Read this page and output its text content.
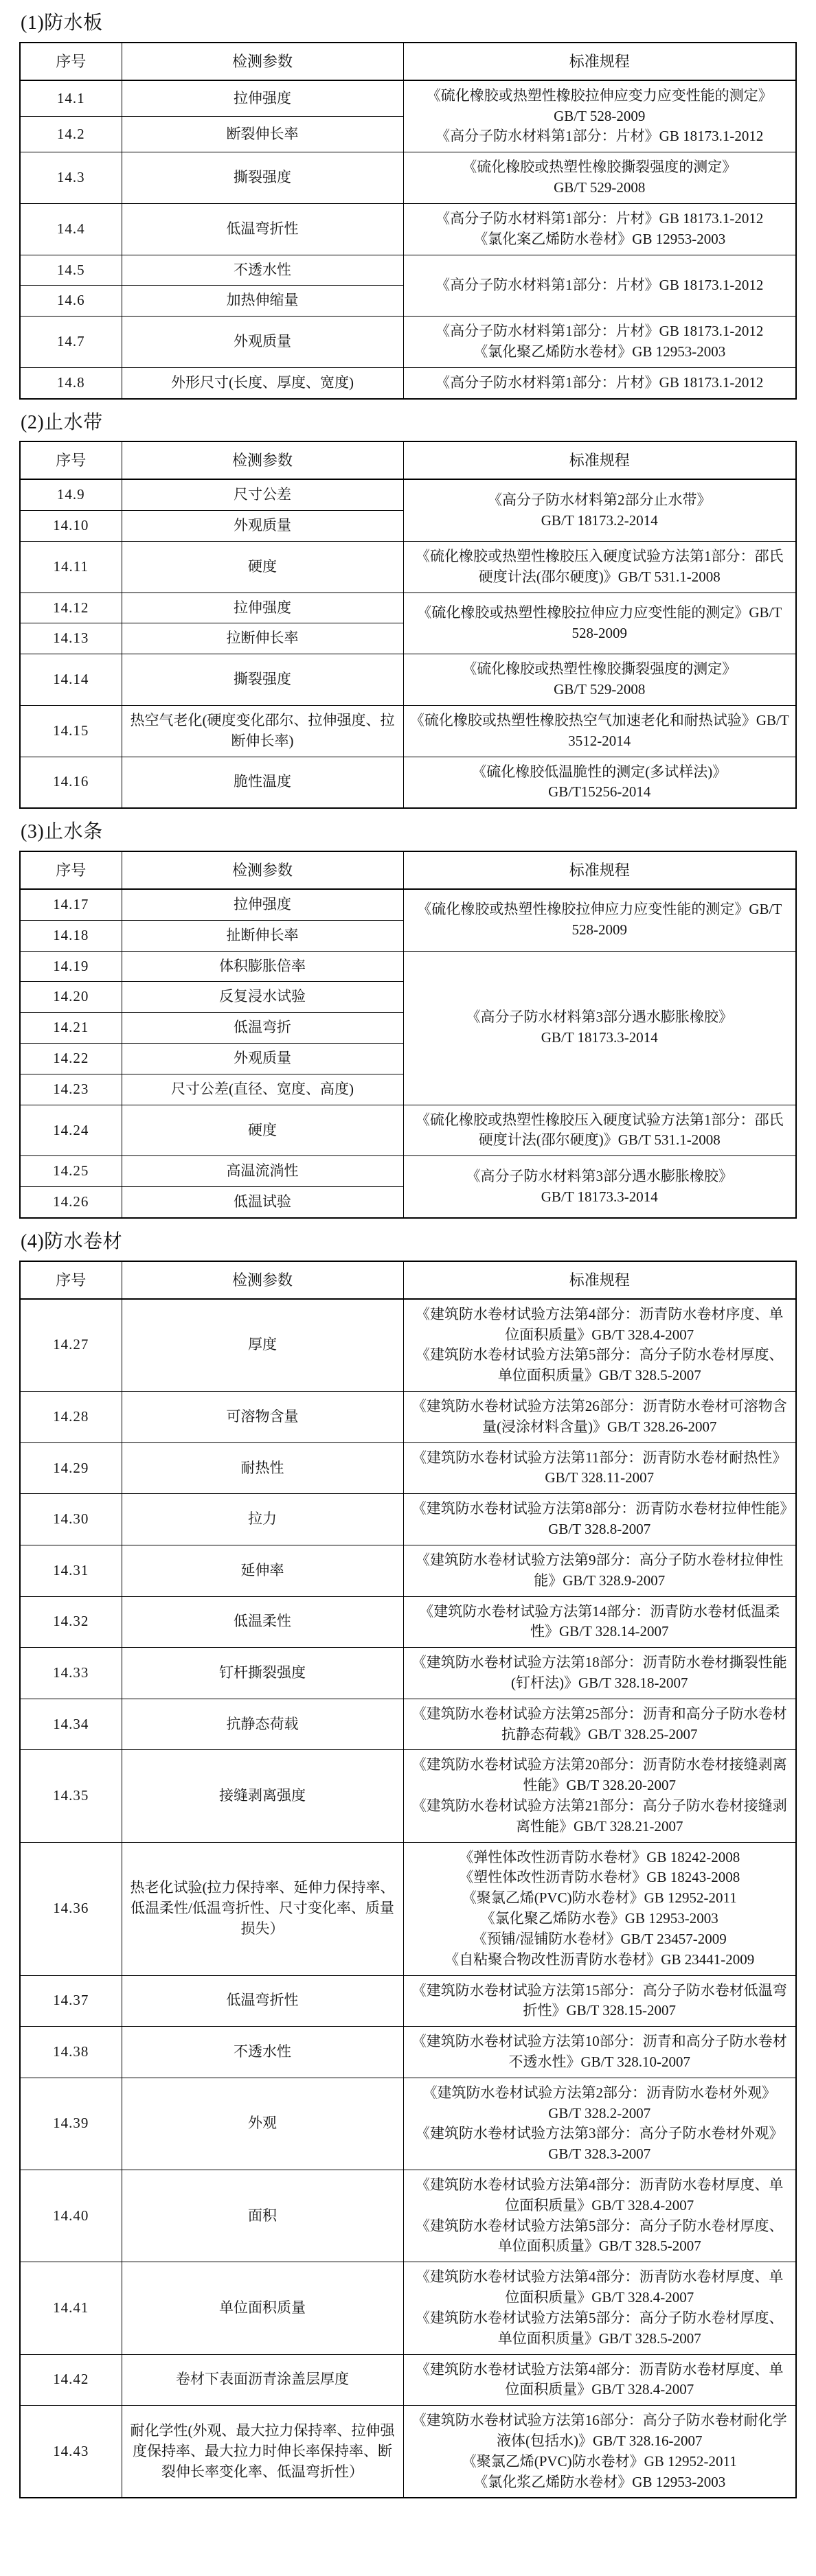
(1)防水板
序号	检测参数	标准规程
14.1	拉伸强度	《硫化橡胶或热塑性橡胶拉伸应变力应变性能的测定》
GB/T 528-2009
《高分子防水材料第1部分：片材》GB 18173.1-2012

14.2	断裂伸长率	
14.3	撕裂强度	《硫化橡胶或热塑性橡胶撕裂强度的测定》
GB/T 529-2008

14.4	低温弯折性	《高分子防水材料第1部分：片材》GB 18173.1-2012
《氯化案乙烯防水卷材》GB 12953-2003

14.5	不透水性	《高分子防水材料第1部分：片材》GB 18173.1-2012

14.6	加热伸缩量	
14.7	外观质量	《高分子防水材料第1部分：片材》GB 18173.1-2012
《氯化聚乙烯防水卷材》GB 12953-2003

14.8	外形尺寸(长度、厚度、宽度)	《高分子防水材料第1部分：片材》GB 18173.1-2012
(2)止水带
序号	检测参数	标准规程
14.9	尺寸公差	《高分子防水材料第2部分止水带》
GB/T 18173.2-2014

14.10	外观质量	
14.11	硬度	《硫化橡胶或热塑性橡胶压入硬度试验方法第1部分：邵氏硬度计法(邵尔硬度)》GB/T 531.1-2008

14.12	拉伸强度	《硫化橡胶或热塑性橡胶拉伸应力应变性能的测定》GB/T 528-2009

14.13	拉断伸长率	
14.14	撕裂强度	《硫化橡胶或热塑性橡胶撕裂强度的测定》
GB/T 529-2008

14.15	热空气老化(硬度变化邵尔、拉伸强度、拉断伸长率)	《硫化橡胶或热塑性橡胶热空气加速老化和耐热试验》GB/T 3512-2014

14.16	脆性温度	《硫化橡胶低温脆性的测定(多试样法)》
GB/T15256-2014
(3)止水条
序号	检测参数	标准规程
14.17	拉伸强度	《硫化橡胶或热塑性橡胶拉伸应力应变性能的测定》GB/T 528-2009

14.18	扯断伸长率	
14.19	体积膨胀倍率	《高分子防水材料第3部分遇水膨胀橡胶》
GB/T 18173.3-2014

14.20	反复浸水试验	
14.21	低温弯折	
14.22	外观质量	
14.23	尺寸公差(直径、宽度、高度)	
14.24	硬度	《硫化橡胶或热塑性橡胶压入硬度试验方法第1部分：邵氏硬度计法(邵尔硬度)》GB/T 531.1-2008

14.25	高温流淌性	《高分子防水材料第3部分遇水膨胀橡胶》
GB/T 18173.3-2014

14.26	低温试验	
(4)防水卷材
序号	检测参数	标准规程
14.27	厚度	《建筑防水卷材试验方法第4部分：沥青防水卷材序度、单位面积质量》GB/T 328.4-2007
《建筑防水卷材试验方法第5部分：高分子防水卷材厚度、单位面积质量》GB/T 328.5-2007

14.28	可溶物含量	《建筑防水卷材试验方法第26部分：沥青防水卷材可溶物含量(浸涂材料含量)》GB/T 328.26-2007

14.29	耐热性	《建筑防水卷材试验方法第11部分：沥青防水卷材耐热性》GB/T 328.11-2007

14.30	拉力	《建筑防水卷材试验方法第8部分：沥青防水卷材拉伸性能》GB/T 328.8-2007

14.31	延伸率	《建筑防水卷材试验方法第9部分：高分子防水卷材拉伸性能》GB/T 328.9-2007

14.32	低温柔性	《建筑防水卷材试验方法第14部分：沥青防水卷材低温柔性》GB/T 328.14-2007

14.33	钉杆撕裂强度	《建筑防水卷材试验方法第18部分：沥青防水卷材撕裂性能(钉杆法)》GB/T 328.18-2007

14.34	抗静态荷载	《建筑防水卷材试验方法第25部分：沥青和高分子防水卷材抗静态荷载》GB/T 328.25-2007

14.35	接缝剥离强度	《建筑防水卷材试验方法第20部分：沥青防水卷材接缝剥离性能》GB/T 328.20-2007
《建筑防水卷材试验方法第21部分：高分子防水卷材接缝剥离性能》GB/T 328.21-2007

14.36	热老化试验(拉力保持率、延伸力保持率、低温柔性/低温弯折性、尺寸变化率、质量损失）	
《弹性体改性沥青防水卷材》GB 18242-2008
《塑性体改性沥青防水卷材》GB 18243-2008
《聚氯乙烯(PVC)防水卷材》GB 12952-2011
《氯化聚乙烯防水卷》GB 12953-2003
《预铺/湿铺防水卷材》GB/T 23457-2009
《自粘聚合物改性沥青防水卷材》GB 23441-2009

14.37	低温弯折性	《建筑防水卷材试验方法第15部分：高分子防水卷材低温弯折性》GB/T 328.15-2007

14.38	不透水性	《建筑防水卷材试验方法第10部分：沥青和高分子防水卷材不透水性》GB/T 328.10-2007

14.39	外观	《建筑防水卷材试验方法第2部分：沥青防水卷材外观》GB/T 328.2-2007
《建筑防水卷材试验方法第3部分：高分子防水卷材外观》GB/T 328.3-2007

14.40	面积	《建筑防水卷材试验方法第4部分：沥青防水卷材厚度、单位面积质量》GB/T 328.4-2007
《建筑防水卷材试验方法第5部分：高分子防水卷材厚度、单位面积质量》GB/T 328.5-2007

14.41	单位面积质量	《建筑防水卷材试验方法第4部分：沥青防水卷材厚度、单位面积质量》GB/T 328.4-2007
《建筑防水卷材试验方法第5部分：高分子防水卷材厚度、单位面积质量》GB/T 328.5-2007

14.42	卷材下表面沥青涂盖层厚度	《建筑防水卷材试验方法第4部分：沥青防水卷材厚度、单位面积质量》GB/T 328.4-2007

14.43	耐化学性(外观、最大拉力保持率、拉伸强度保持率、最大拉力时伸长率保持率、断裂伸长率变化率、低温弯折性）	《建筑防水卷材试验方法第16部分：高分子防水卷材耐化学液体(包括水)》GB/T 328.16-2007
《聚氯乙烯(PVC)防水卷材》GB 12952-2011
《氯化浆乙烯防水卷材》GB 12953-2003
